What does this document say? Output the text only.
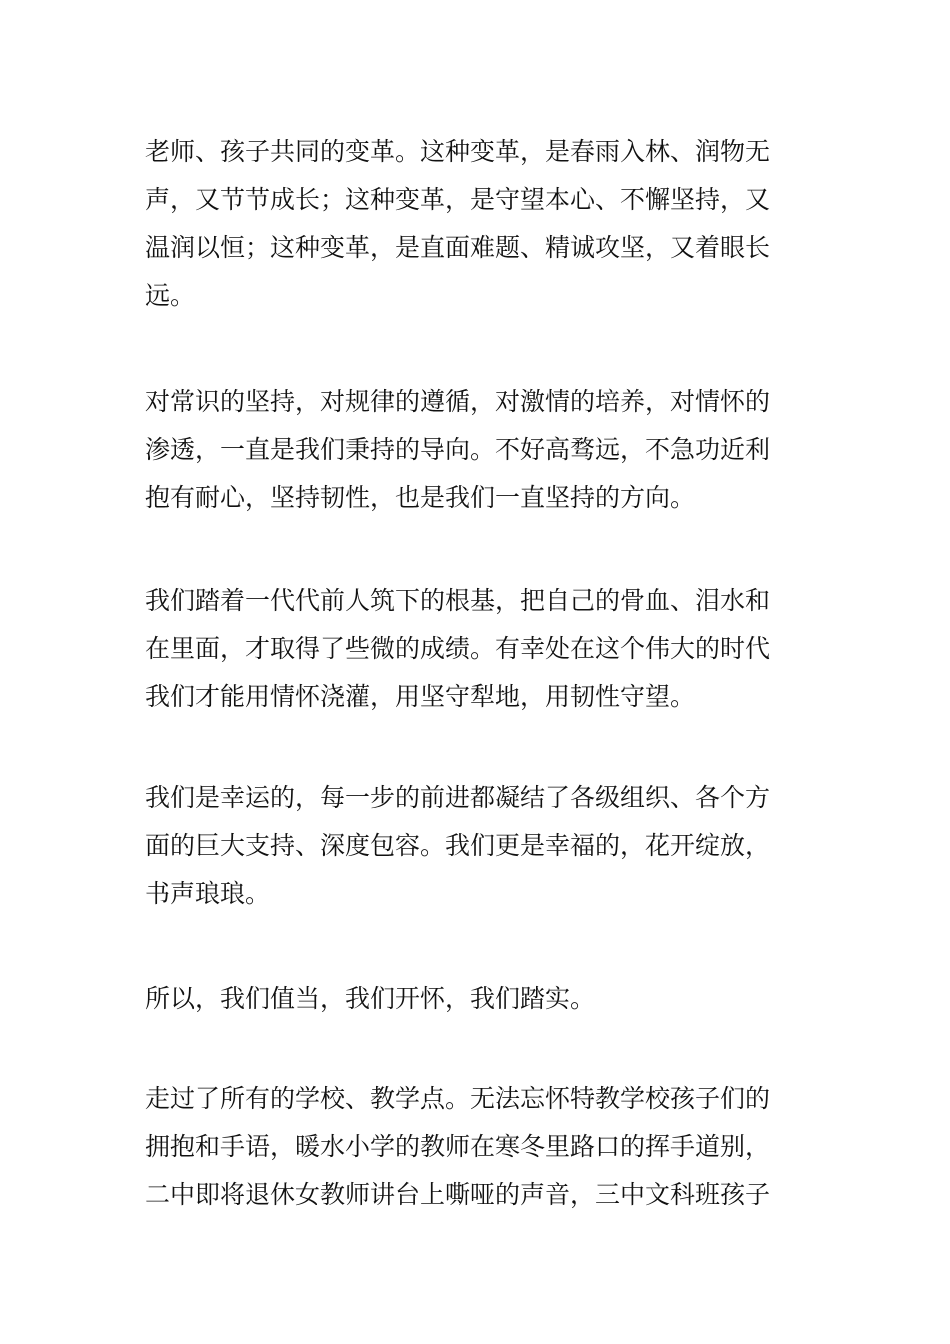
老师、孩子共同的变革。这种变革，是春雨入林、润物无
声，又节节成长；这种变革，是守望本心、不懈坚持，又
温润以恒；这种变革，是直面难题、精诚攻坚，又着眼长
远。
对常识的坚持，对规律的遵循，对激情的培养，对情怀的
渗透，一直是我们秉持的导向。不好高骛远，不急功近利
抱有耐心，坚持韧性，也是我们一直坚持的方向。
我们踏着一代代前人筑下的根基，把自己的骨血、泪水和
在里面，才取得了些微的成绩。有幸处在这个伟大的时代
我们才能用情怀浇灌，用坚守犁地，用韧性守望。
我们是幸运的，每一步的前进都凝结了各级组织、各个方
面的巨大支持、深度包容。我们更是幸福的，花开绽放，
书声琅琅。
所以，我们值当，我们开怀，我们踏实。
走过了所有的学校、教学点。无法忘怀特教学校孩子们的
拥抱和手语，暖水小学的教师在寒冬里路口的挥手道别，
二中即将退休女教师讲台上嘶哑的声音，三中文科班孩子
